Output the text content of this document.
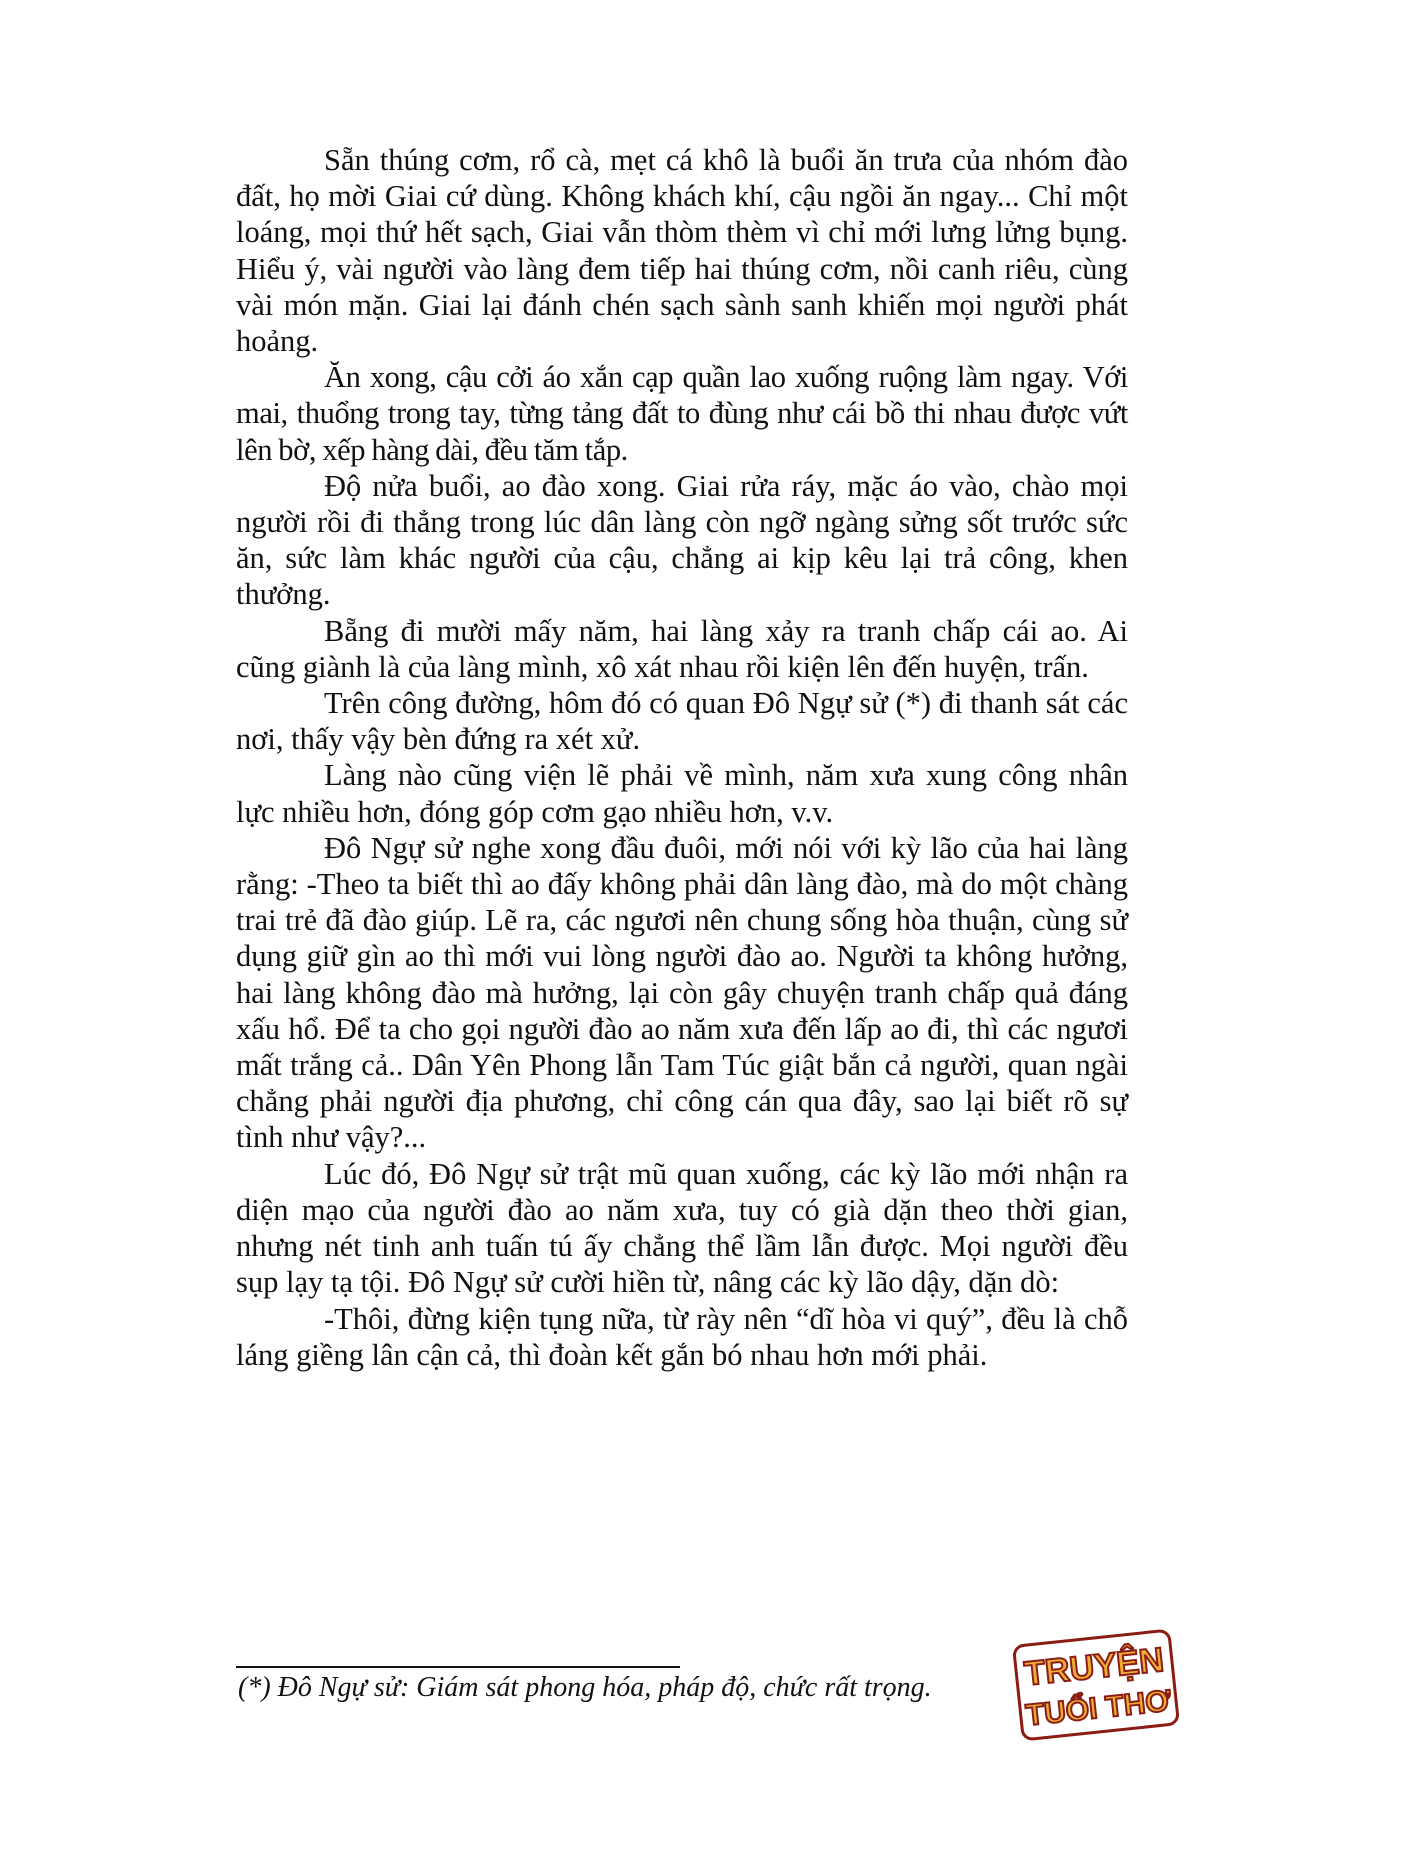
Sẵn thúng cơm, rổ cà, mẹt cá khô là buổi ăn trưa của nhóm đào đất, họ mời Giai cứ dùng. Không khách khí, cậu ngồi ăn ngay... Chỉ một loáng, mọi thứ hết sạch, Giai vẫn thòm thèm vì chỉ mới lưng lửng bụng. Hiểu ý, vài người vào làng đem tiếp hai thúng cơm, nồi canh riêu, cùng vài món mặn. Giai lại đánh chén sạch sành sanh khiến mọi người phát hoảng.

Ăn xong, cậu cởi áo xắn cạp quần lao xuống ruộng làm ngay. Với mai, thuổng trong tay, từng tảng đất to đùng như cái bồ thi nhau được vứt lên bờ, xếp hàng dài, đều tăm tắp.

Độ nửa buổi, ao đào xong. Giai rửa ráy, mặc áo vào, chào mọi người rồi đi thẳng trong lúc dân làng còn ngỡ ngàng sửng sốt trước sức ăn, sức làm khác người của cậu, chẳng ai kịp kêu lại trả công, khen thưởng.

Bẵng đi mười mấy năm, hai làng xảy ra tranh chấp cái ao. Ai cũng giành là của làng mình, xô xát nhau rồi kiện lên đến huyện, trấn.

Trên công đường, hôm đó có quan Đô Ngự sử (*) đi thanh sát các nơi, thấy vậy bèn đứng ra xét xử.

Làng nào cũng viện lẽ phải về mình, năm xưa xung công nhân lực nhiều hơn, đóng góp cơm gạo nhiều hơn, v.v.

Đô Ngự sử nghe xong đầu đuôi, mới nói với kỳ lão của hai làng rằng: -Theo ta biết thì ao đấy không phải dân làng đào, mà do một chàng trai trẻ đã đào giúp. Lẽ ra, các ngươi nên chung sống hòa thuận, cùng sử dụng giữ gìn ao thì mới vui lòng người đào ao. Người ta không hưởng, hai làng không đào mà hưởng, lại còn gây chuyện tranh chấp quả đáng xấu hổ. Để ta cho gọi người đào ao năm xưa đến lấp ao đi, thì các ngươi mất trắng cả.. Dân Yên Phong lẫn Tam Túc giật bắn cả người, quan ngài chẳng phải người địa phương, chỉ công cán qua đây, sao lại biết rõ sự tình như vậy?...

Lúc đó, Đô Ngự sử trật mũ quan xuống, các kỳ lão mới nhận ra diện mạo của người đào ao năm xưa, tuy có già dặn theo thời gian, nhưng nét tinh anh tuấn tú ấy chẳng thể lầm lẫn được. Mọi người đều sụp lạy tạ tội. Đô Ngự sử cười hiền từ, nâng các kỳ lão dậy, dặn dò:

-Thôi, đừng kiện tụng nữa, từ rày nên “dĩ hòa vi quý”, đều là chỗ láng giềng lân cận cả, thì đoàn kết gắn bó nhau hơn mới phải.

(*) Đô Ngự sử: Giám sát phong hóa, pháp độ, chức rất trọng.	TRUYỆN
TUỔI THƠ
